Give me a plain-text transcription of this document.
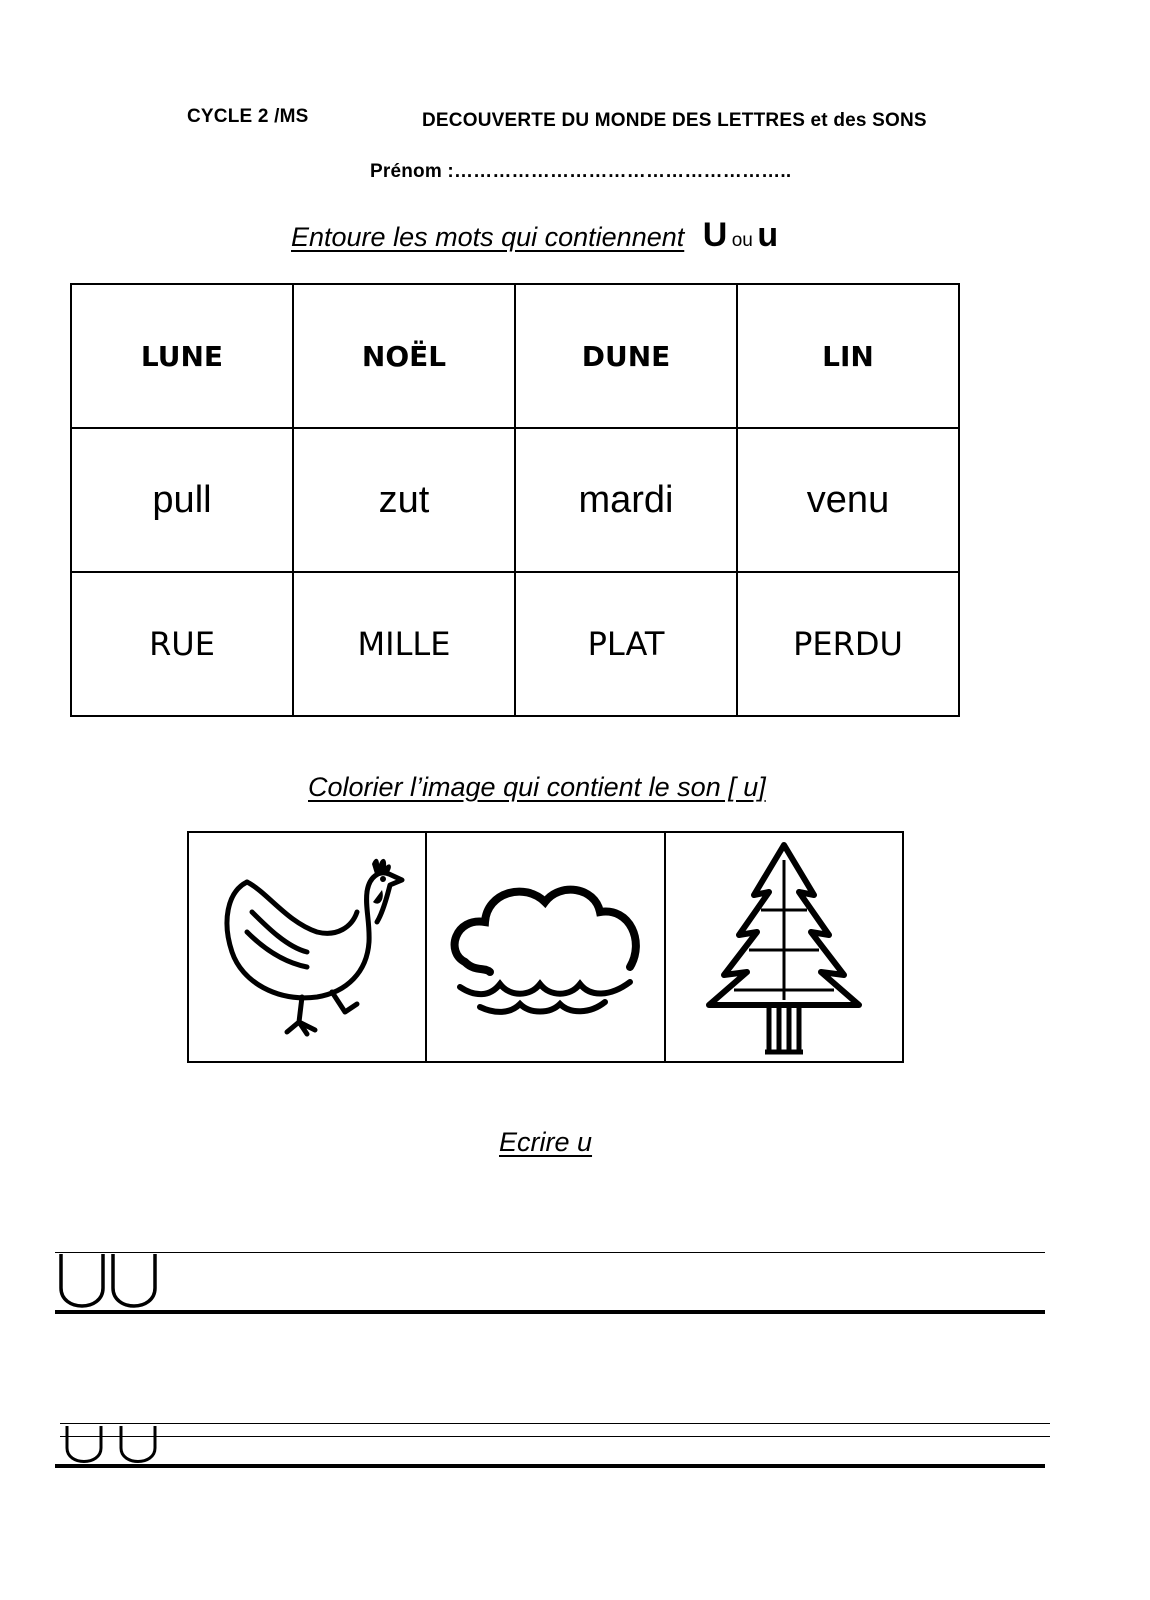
CYCLE 2 /MS	DECOUVERTE DU MONDE DES LETTRES et des SONS
Prénom :……………………………………………..
Entoure les mots qui contiennent U ou u
LUNE	NOËL	DUNE	LIN
pull	zut	mardi	venu
RUE	MILLE	PLAT	PERDU
Colorier l’image qui contient le son [ u]

Ecrire u
